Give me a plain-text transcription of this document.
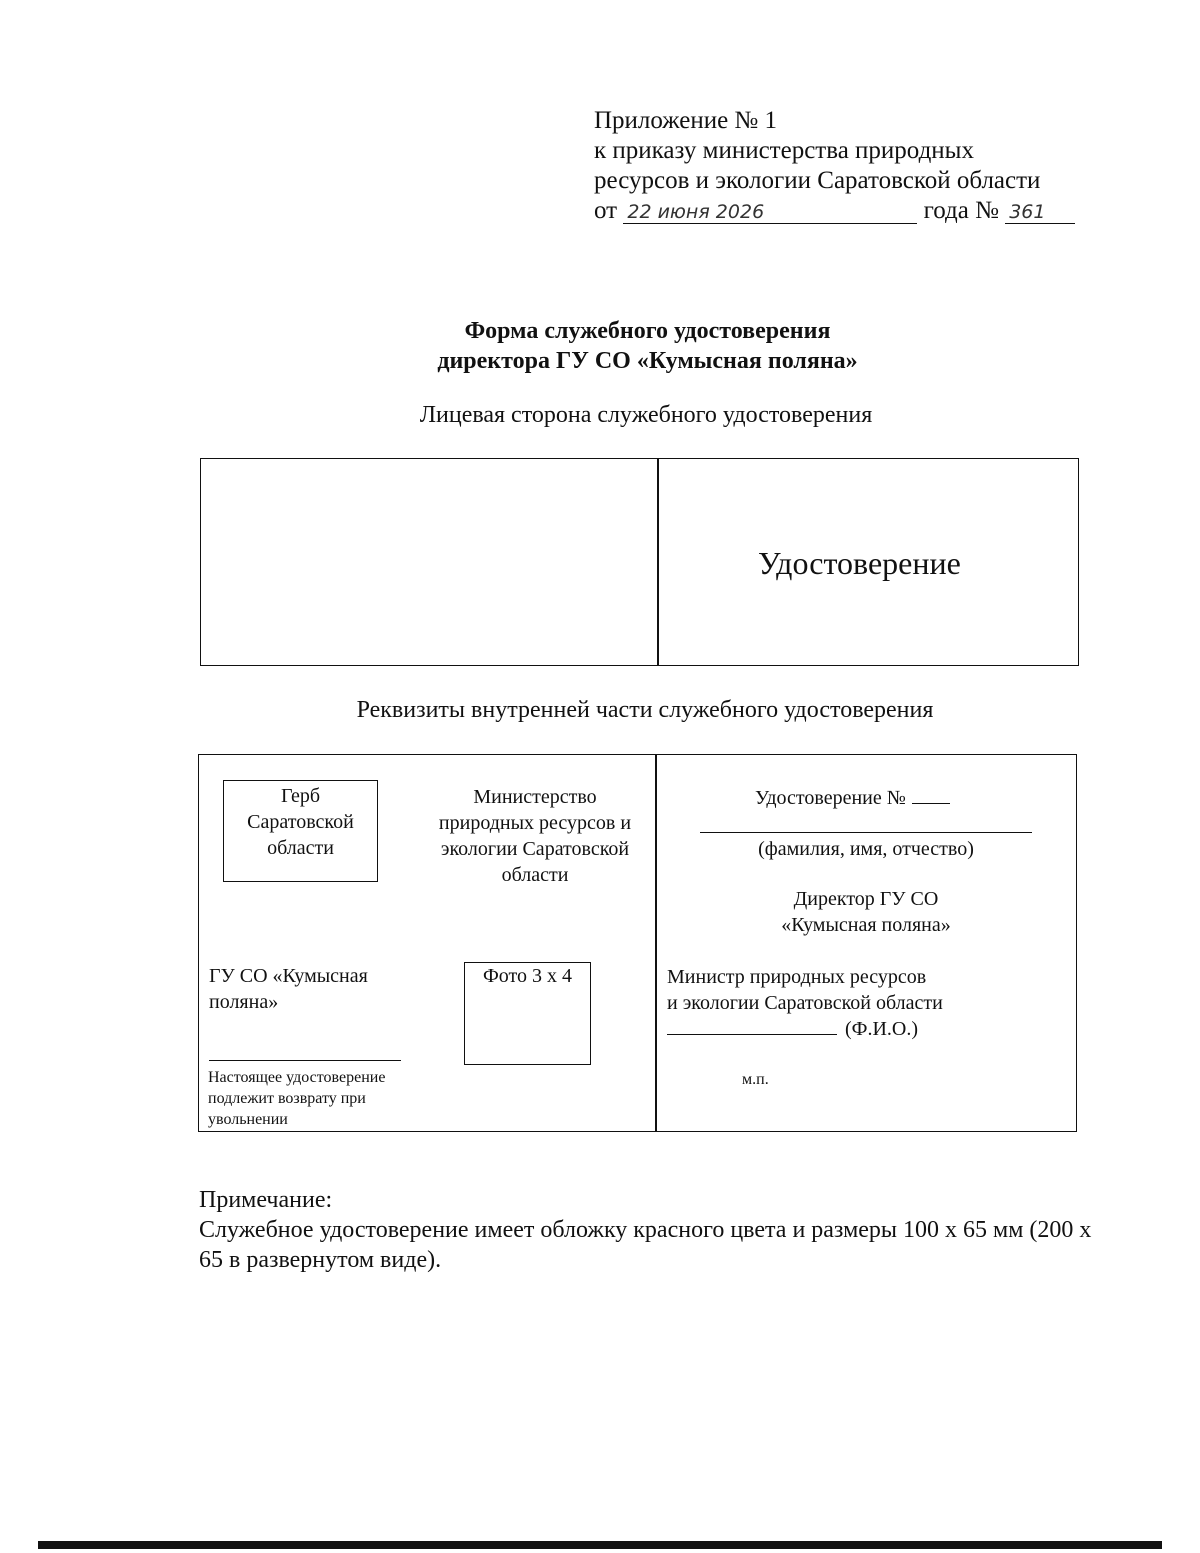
Приложение № 1
к приказу министерства природных
ресурсов и экологии Саратовской области
от 22 июня 2026	года № 361
Форма служебного удостоверения
директора ГУ СО «Кумысная поляна»
Лицевая сторона служебного удостоверения
Удостоверение
Реквизиты внутренней части служебного удостоверения
Герб
Саратовской
области
Министерство
природных ресурсов и
экологии Саратовской
области
ГУ СО «Кумысная поляна»
Фото 3 х 4
Настоящее удостоверение подлежит возврату при увольнении
Удостоверение №
(фамилия, имя, отчество)
Директор ГУ СО
«Кумысная поляна»
Министр природных ресурсов
и экологии Саратовской области
(Ф.И.О.)
м.п.
Примечание:
Служебное удостоверение имеет обложку красного цвета и размеры 100 х 65 мм (200 х 65 в развернутом виде).
